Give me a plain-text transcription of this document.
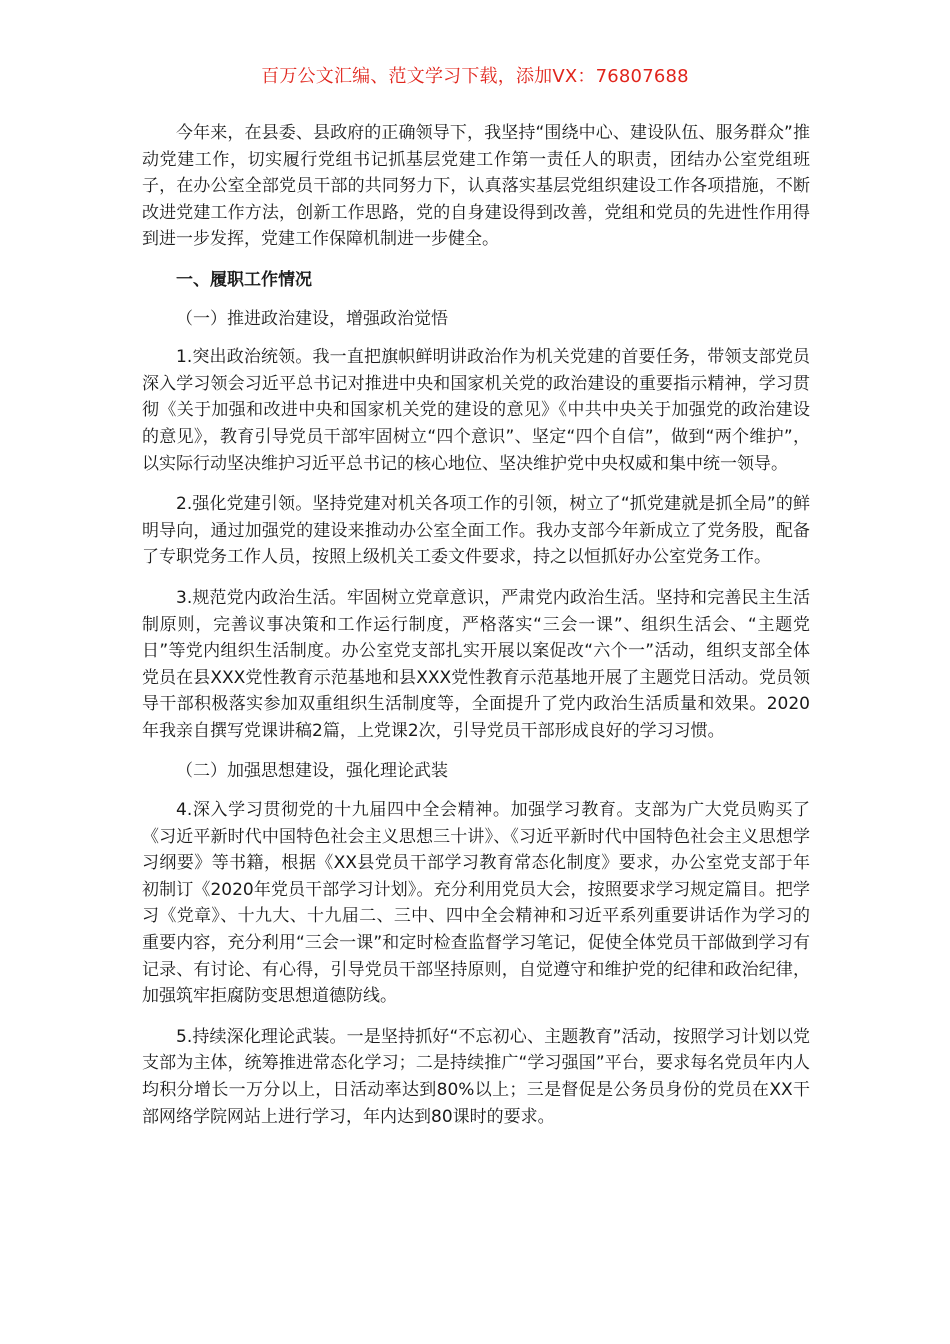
百万公文汇编、范文学习下载，添加VX：76807688

今年来，在县委、县政府的正确领导下，我坚持“围绕中心、建设队伍、服务群众”推动党建工作，切实履行党组书记抓基层党建工作第一责任人的职责，团结办公室党组班子，在办公室全部党员干部的共同努力下，认真落实基层党组织建设工作各项措施，不断改进党建工作方法，创新工作思路，党的自身建设得到改善，党组和党员的先进性作用得到进一步发挥，党建工作保障机制进一步健全。

一、履职工作情况

（一）推进政治建设，增强政治觉悟

1.突出政治统领。我一直把旗帜鲜明讲政治作为机关党建的首要任务，带领支部党员深入学习领会习近平总书记对推进中央和国家机关党的政治建设的重要指示精神，学习贯彻《关于加强和改进中央和国家机关党的建设的意见》《中共中央关于加强党的政治建设的意见》，教育引导党员干部牢固树立“四个意识”、坚定“四个自信”，做到“两个维护”，以实际行动坚决维护习近平总书记的核心地位、坚决维护党中央权威和集中统一领导。

2.强化党建引领。坚持党建对机关各项工作的引领，树立了“抓党建就是抓全局”的鲜明导向，通过加强党的建设来推动办公室全面工作。我办支部今年新成立了党务股，配备了专职党务工作人员，按照上级机关工委文件要求，持之以恒抓好办公室党务工作。

3.规范党内政治生活。牢固树立党章意识，严肃党内政治生活。坚持和完善民主生活制原则，完善议事决策和工作运行制度，严格落实“三会一课”、组织生活会、“主题党日”等党内组织生活制度。办公室党支部扎实开展以案促改“六个一”活动，组织支部全体党员在县XXX党性教育示范基地和县XXX党性教育示范基地开展了主题党日活动。党员领导干部积极落实参加双重组织生活制度等，全面提升了党内政治生活质量和效果。2020年我亲自撰写党课讲稿2篇，上党课2次，引导党员干部形成良好的学习习惯。

（二）加强思想建设，强化理论武装

4.深入学习贯彻党的十九届四中全会精神。加强学习教育。支部为广大党员购买了《习近平新时代中国特色社会主义思想三十讲》、《习近平新时代中国特色社会主义思想学习纲要》等书籍，根据《XX县党员干部学习教育常态化制度》要求，办公室党支部于年初制订《2020年党员干部学习计划》。充分利用党员大会，按照要求学习规定篇目。把学习《党章》、十九大、十九届二、三中、四中全会精神和习近平系列重要讲话作为学习的重要内容，充分利用“三会一课”和定时检查监督学习笔记，促使全体党员干部做到学习有记录、有讨论、有心得，引导党员干部坚持原则，自觉遵守和维护党的纪律和政治纪律，加强筑牢拒腐防变思想道德防线。

5.持续深化理论武装。一是坚持抓好“不忘初心、主题教育”活动，按照学习计划以党支部为主体，统筹推进常态化学习；二是持续推广“学习强国”平台，要求每名党员年内人均积分增长一万分以上，日活动率达到80%以上；三是督促是公务员身份的党员在XX干部网络学院网站上进行学习，年内达到80课时的要求。
